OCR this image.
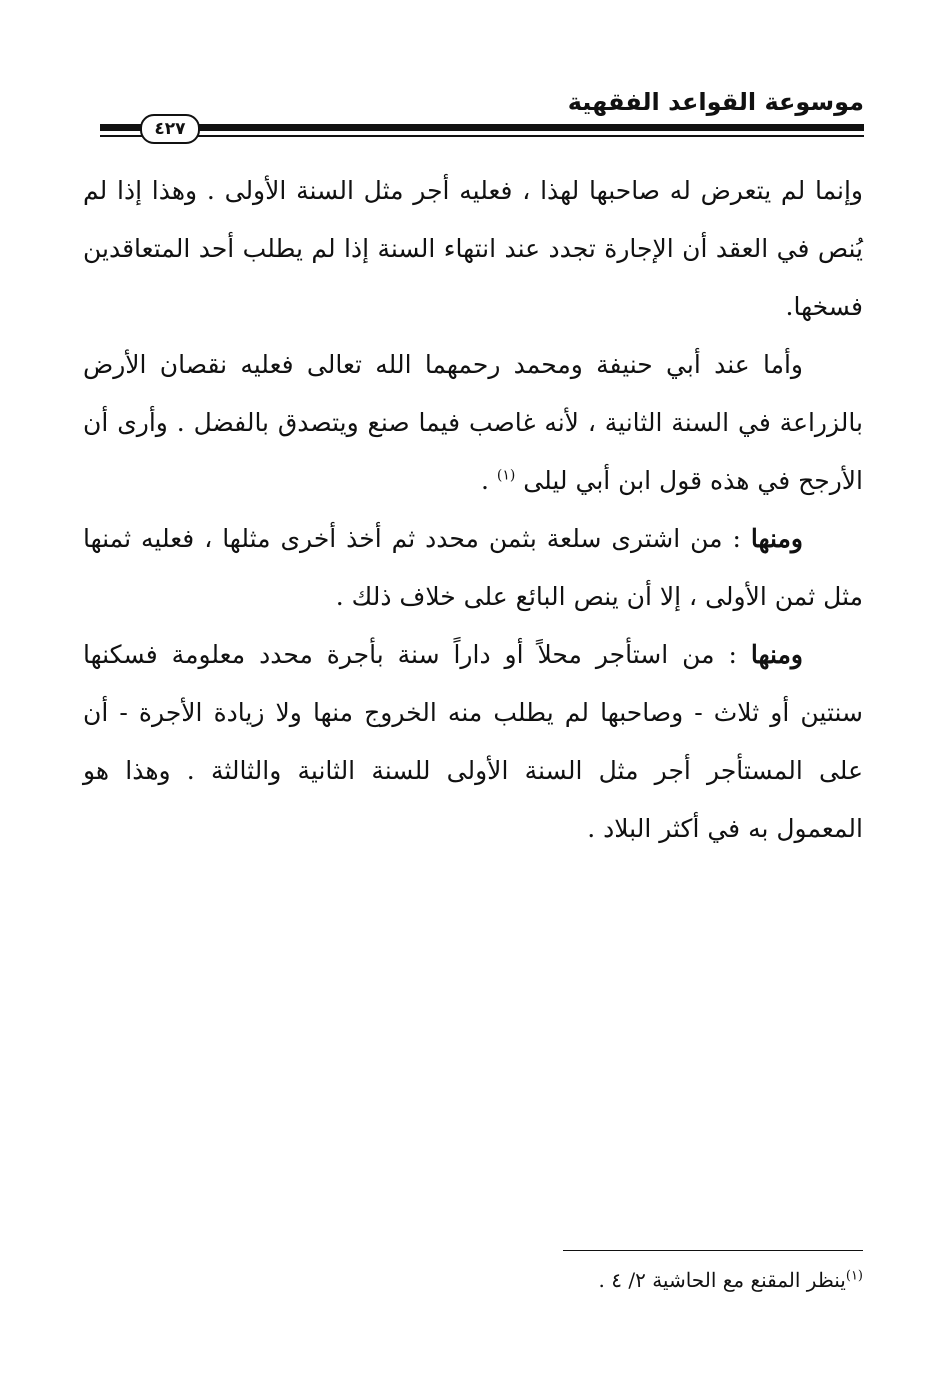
موسوعة القواعد الفقهية
٤٢٧

وإنما لم يتعرض له صاحبها لهذا ، فعليه أجر مثل السنة الأولى . وهذا إذا لم يُنص في العقد أن الإجارة تجدد عند انتهاء السنة إذا لم يطلب أحد المتعاقدين فسخها.

وأما عند أبي حنيفة ومحمد رحمهما الله تعالى فعليه نقصان الأرض بالزراعة في السنة الثانية ، لأنه غاصب فيما صنع ويتصدق بالفضل . وأرى أن الأرجح في هذه قول ابن أبي ليلى $^{(١)}$ .

ومنها : من اشترى سلعة بثمن محدد ثم أخذ أخرى مثلها ، فعليه ثمنها مثل ثمن الأولى ، إلا أن ينص البائع على خلاف ذلك .

ومنها : من استأجر محلاً أو داراً سنة بأجرة محدد معلومة فسكنها سنتين أو ثلاث - وصاحبها لم يطلب منه الخروج منها ولا زيادة الأجرة - أن على المستأجر أجر مثل السنة الأولى للسنة الثانية والثالثة . وهذا هو المعمول به في أكثر البلاد .

$^{(١)}$ينظر المقنع مع الحاشية ٢/ ٤ .
